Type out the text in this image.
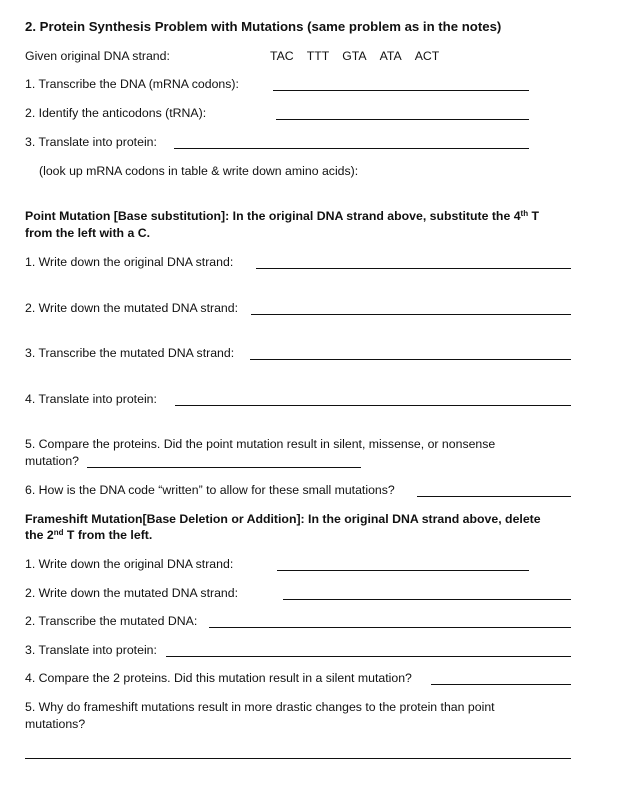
2. Protein Synthesis Problem with Mutations (same problem as in the notes)
Given original DNA strand:	TAC TTT GTA ATA ACT
1. Transcribe the DNA (mRNA codons):
2. Identify the anticodons (tRNA):
3. Translate into protein:
(look up mRNA codons in table & write down amino acids):
Point Mutation [Base substitution]: In the original DNA strand above, substitute the 4th T
from the left with a C.
1. Write down the original DNA strand:
2. Write down the mutated DNA strand:
3. Transcribe the mutated DNA strand:
4. Translate into protein:
5. Compare the proteins. Did the point mutation result in silent, missense, or nonsense
mutation?
6. How is the DNA code “written” to allow for these small mutations?
Frameshift Mutation[Base Deletion or Addition]: In the original DNA strand above, delete
the 2nd T from the left.
1. Write down the original DNA strand:
2. Write down the mutated DNA strand:
2. Transcribe the mutated DNA:
3. Translate into protein:
4. Compare the 2 proteins. Did this mutation result in a silent mutation?
5. Why do frameshift mutations result in more drastic changes to the protein than point
mutations?
